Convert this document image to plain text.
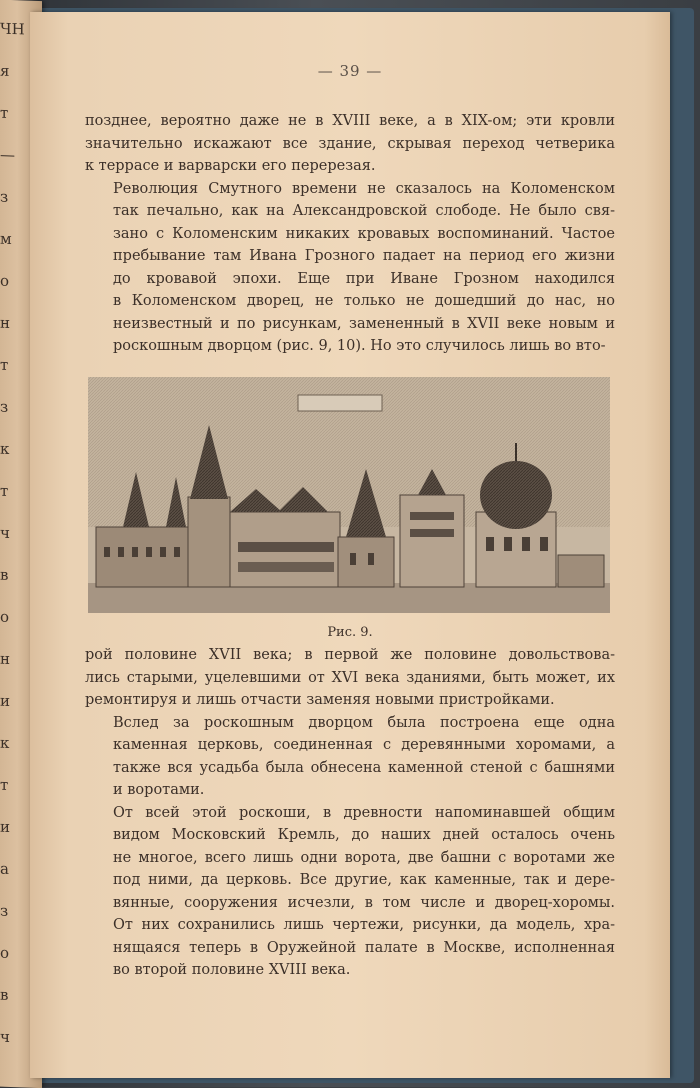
ЧН
я
т
—
з
м
о
н
т
з
к
т
ч
в
о
н
и
к
т
и
а
з
о
в
ч
— 39 —

позднее, вероятно даже не в XVIII веке, а в XIX-ом; эти кровли
значительно искажают все здание, скрывая переход четверика
к террасе и варварски его перерезая.

Революция Смутного времени не сказалось на Коломенском
так печально, как на Александровской слободе. Не было свя-
зано с Коломенским никаких кровавых воспоминаний. Частое
пребывание там Ивана Грозного падает на период его жизни
до кровавой эпохи. Еще при Иване Грозном находился
в Коломенском дворец, не только не дошедший до нас, но
неизвестный и по рисункам, замененный в XVII веке новым и
роскошным дворцом (рис. 9, 10). Но это случилось лишь во вто-

Рис. 9.

рой половине XVII века; в первой же половине довольствова-
лись старыми, уцелевшими от XVI века зданиями, быть может, их
ремонтируя и лишь отчасти заменяя новыми пристройками.

Вслед за роскошным дворцом была построена еще одна
каменная церковь, соединенная с деревянными хоромами, а
также вся усадьба была обнесена каменной стеной с башнями
и воротами.

От всей этой роскоши, в древности напоминавшей общим
видом Московский Кремль, до наших дней осталось очень
не многое, всего лишь одни ворота, две башни с воротами же
под ними, да церковь. Все другие, как каменные, так и дере-
вянные, сооружения исчезли, в том числе и дворец-хоромы.
От них сохранились лишь чертежи, рисунки, да модель, хра-
нящаяся теперь в Оружейной палате в Москве, исполненная
во второй половине XVIII века.
